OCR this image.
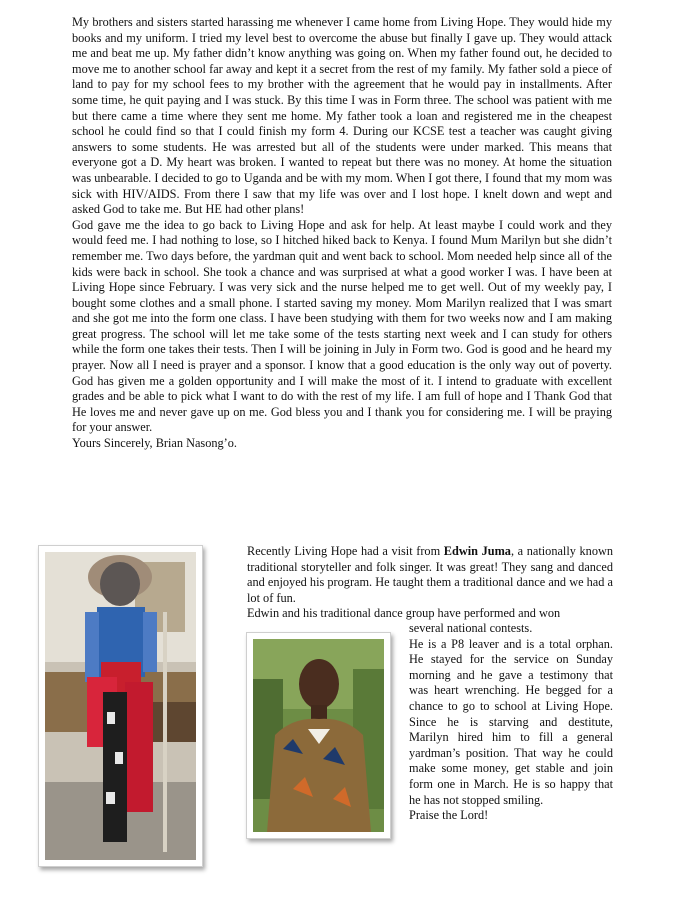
My brothers and sisters started harassing me whenever I came home from Living Hope. They would hide my books and my uniform. I tried my level best to overcome the abuse but finally I gave up. They would attack me and beat me up. My father didn’t know anything was going on. When my father found out, he decided to move me to another school far away and kept it a secret from the rest of my family. My father sold a piece of land to pay for my school fees to my brother with the agreement that he would pay in installments. After some time, he quit paying and I was stuck. By this time I was in Form three. The school was patient with me but there came a time where they sent me home. My father took a loan and registered me in the cheapest school he could find so that I could finish my form 4. During our KCSE test a teacher was caught giving answers to some students. He was arrested but all of the students were under marked. This means that everyone got a D. My heart was broken. I wanted to repeat but there was no money. At home the situation was unbearable. I decided to go to Uganda and be with my mom. When I got there, I found that my mom was sick with HIV/AIDS. From there I saw that my life was over and I lost hope. I knelt down and wept and asked God to take me. But HE had other plans!

God gave me the idea to go back to Living Hope and ask for help. At least maybe I could work and they would feed me. I had nothing to lose, so I hitched hiked back to Kenya. I found Mum Marilyn but she didn’t remember me. Two days before, the yardman quit and went back to school. Mom needed help since all of the kids were back in school. She took a chance and was surprised at what a good worker I was. I have been at Living Hope since February. I was very sick and the nurse helped me to get well. Out of my weekly pay, I bought some clothes and a small phone. I started saving my money. Mom Marilyn realized that I was smart and she got me into the form one class. I have been studying with them for two weeks now and I am making great progress. The school will let me take some of the tests starting next week and I can study for others while the form one takes their tests. Then I will be joining in July in Form two. God is good and he heard my prayer. Now all I need is prayer and a sponsor. I know that a good education is the only way out of poverty. God has given me a golden opportunity and I will make the most of it. I intend to graduate with excellent grades and be able to pick what I want to do with the rest of my life. I am full of hope and I Thank God that He loves me and never gave up on me. God bless you and I thank you for considering me. I will be praying for your answer.

Yours Sincerely, Brian Nasong’o.

Recently Living Hope had a visit from Edwin Juma, a nationally known traditional storyteller and folk singer. It was great! They sang and danced and enjoyed his program. He taught them a traditional dance and we had a lot of fun.

Edwin and his traditional dance group have performed and won

several national contests.

He is a P8 leaver and is a total orphan. He stayed for the service on Sunday morning and he gave a testimony that was heart wrenching. He begged for a chance to go to school at Living Hope. Since he is starving and destitute, Marilyn hired him to fill a general yardman’s position. That way he could make some money, get stable and join form one in March. He is so happy that he has not stopped smiling.

Praise the Lord!
